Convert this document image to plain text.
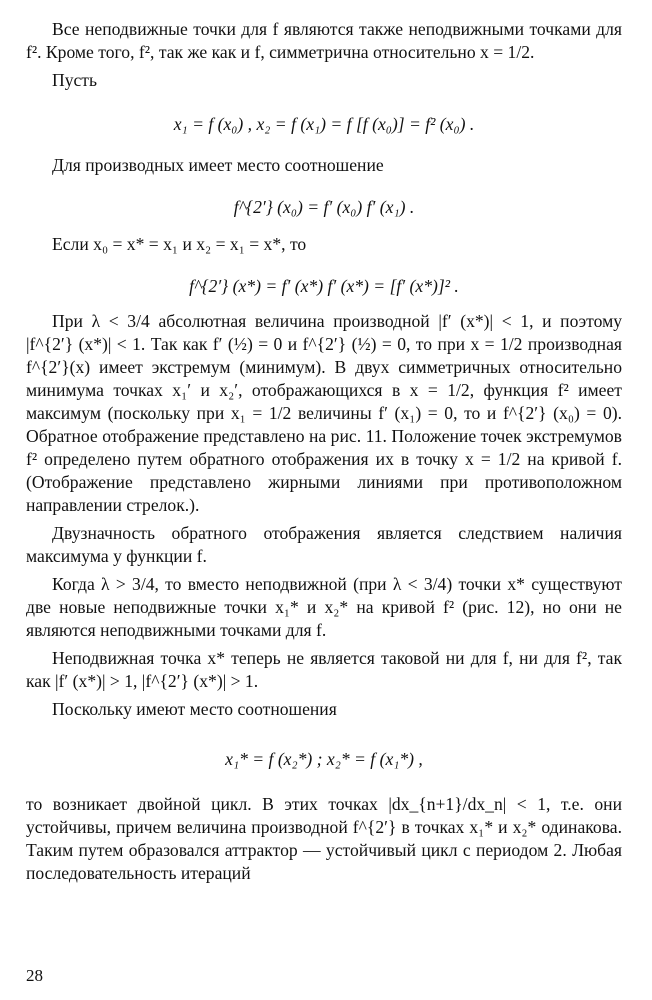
Все неподвижные точки для f являются также неподвижными точками для f². Кроме того, f², так же как и f, симметрична относительно x = 1/2.

Пусть

x₁ = f (x₀) , x₂ = f (x₁) = f [f (x₀)] = f² (x₀) .

Для производных имеет место соотношение

f^{2′} (x₀) = f′ (x₀) f′ (x₁) .

Если x₀ = x* = x₁ и x₂ = x₁ = x*, то

f^{2′} (x*) = f′ (x*) f′ (x*) = [f′ (x*)]² .

При λ < 3/4 абсолютная величина производной |f′ (x*)| < 1, и поэтому |f^{2′} (x*)| < 1. Так как f′ (½) = 0 и f^{2′} (½) = 0, то при x = 1/2 производная f^{2′}(x) имеет экстремум (минимум). В двух симметричных относительно минимума точках x₁′ и x₂′, отображающихся в x = 1/2, функция f² имеет максимум (поскольку при x₁ = 1/2 величины f′ (x₁) = 0, то и f^{2′} (x₀) = 0). Обратное отображение представлено на рис. 11. Положение точек экстремумов f² определено путем обратного отображения их в точку x = 1/2 на кривой f. (Отображение представлено жирными линиями при противоположном направлении стрелок.).

Двузначность обратного отображения является следствием наличия максимума у функции f.

Когда λ > 3/4, то вместо неподвижной (при λ < 3/4) точки x* существуют две новые неподвижные точки x₁* и x₂* на кривой f² (рис. 12), но они не являются неподвижными точками для f.

Неподвижная точка x* теперь не является таковой ни для f, ни для f², так как |f′ (x*)| > 1, |f^{2′} (x*)| > 1.

Поскольку имеют место соотношения

x₁* = f (x₂*) ; x₂* = f (x₁*) ,

то возникает двойной цикл. В этих точках |dx_{n+1}/dx_n| < 1, т.е. они устойчивы, причем величина производной f^{2′} в точках x₁* и x₂* одинакова. Таким путем образовался аттрактор — устойчивый цикл с периодом 2. Любая последовательность итераций

28
